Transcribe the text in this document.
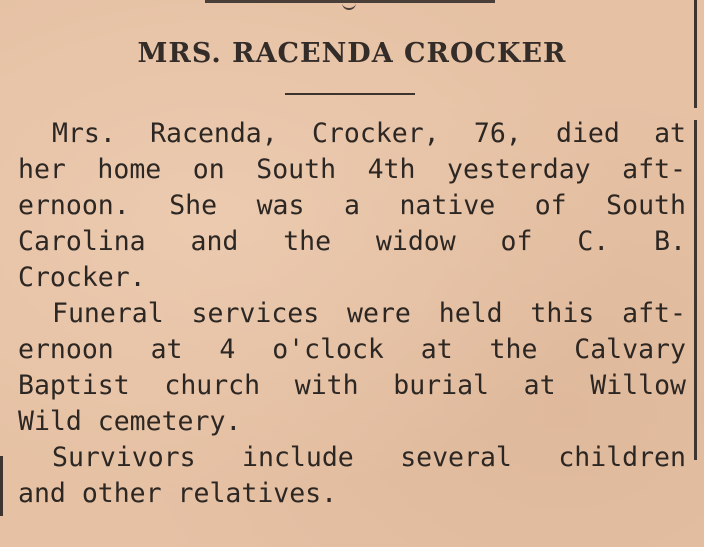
MRS. RACENDA CROCKER
Mrs. Racenda, Crocker, 76, died at
her home on South 4th yesterday aft-
ernoon. She was a native of South
Carolina and the widow of C. B.
Crocker.
Funeral services were held this aft-
ernoon at 4 o'clock at the Calvary
Baptist church with burial at Willow
Wild cemetery.
Survivors include several children
and other relatives.
